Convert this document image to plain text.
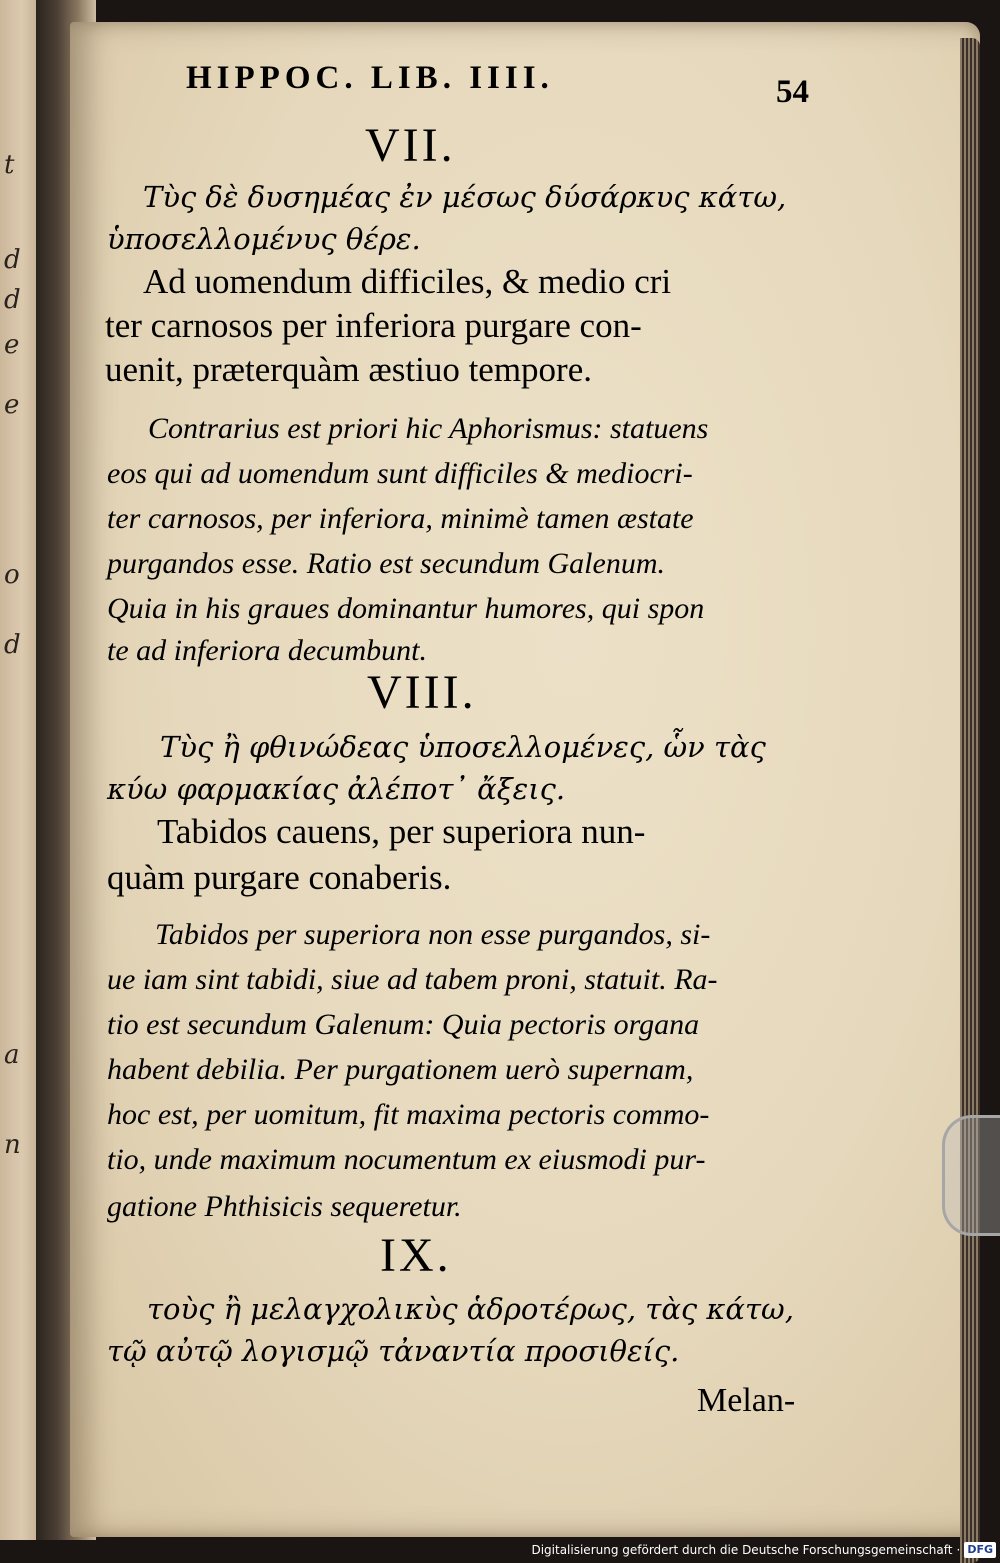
t
d
d
e
e
o
d
a
n
HIPPOC. LIB. IIII.	54
VII.
Τὺς δὲ δυσημέας ἐν μέσως δύσάρκυς κάτω,
ὑποσελλομένυς θέρε.
Ad uomendum difficiles, & medio cri
ter carnosos per inferiora purgare con-
uenit, præterquàm æstiuo tempore.
Contrarius est priori hic Aphorismus: statuens
eos qui ad uomendum sunt difficiles & mediocri-
ter carnosos, per inferiora, minimè tamen æstate
purgandos esse. Ratio est secundum Galenum.
Quia in his graues dominantur humores, qui spon
te ad inferiora decumbunt.
VIII.
Τὺς ἢ φθινώδεας ὑποσελλομένες, ὧν τὰς
κύω φαρμακίας ἀλέποτ᾽ ἄξεις.
Tabidos cauens, per superiora nun-
quàm purgare conaberis.
Tabidos per superiora non esse purgandos, si-
ue iam sint tabidi, siue ad tabem proni, statuit. Ra-
tio est secundum Galenum: Quia pectoris organa
habent debilia. Per purgationem uerò supernam,
hoc est, per uomitum, fit maxima pectoris commo-
tio, unde maximum nocumentum ex eiusmodi pur-
gatione Phthisicis sequeretur.
IX.
τοὺς ἢ μελαγχολικὺς ἁδροτέρως, τὰς κάτω,
τῷ αὐτῷ λογισμῷ τἀναντία προσιθείς.
Melan-
Digitalisierung gefördert durch die Deutsche Forschungsgemeinschaft · DFG
